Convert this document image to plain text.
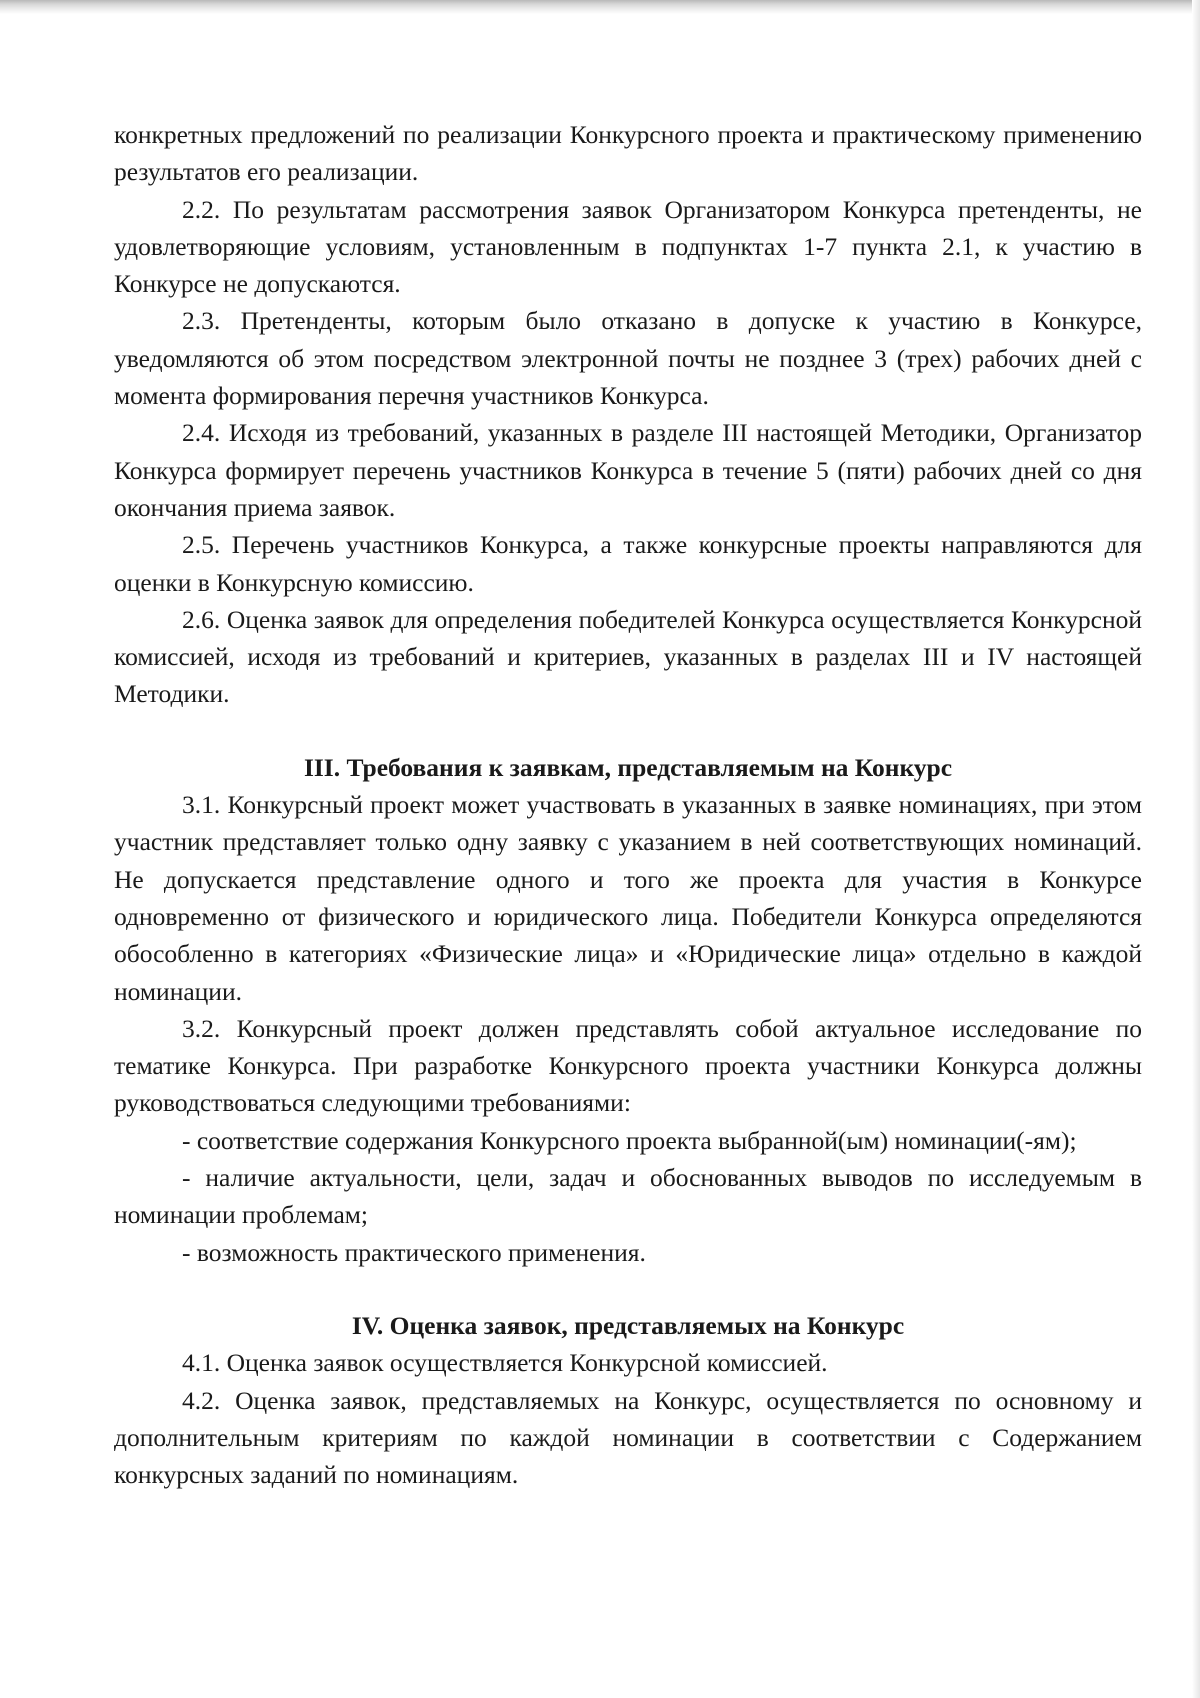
конкретных предложений по реализации Конкурсного проекта и практическому применению результатов его реализации.

2.2. По результатам рассмотрения заявок Организатором Конкурса претенденты, не удовлетворяющие условиям, установленным в подпунктах 1-7 пункта 2.1, к участию в Конкурсе не допускаются.

2.3. Претенденты, которым было отказано в допуске к участию в Конкурсе, уведомляются об этом посредством электронной почты не позднее 3 (трех) рабочих дней с момента формирования перечня участников Конкурса.

2.4. Исходя из требований, указанных в разделе III настоящей Методики, Организатор Конкурса формирует перечень участников Конкурса в течение 5 (пяти) рабочих дней со дня окончания приема заявок.

2.5. Перечень участников Конкурса, а также конкурсные проекты направляются для оценки в Конкурсную комиссию.

2.6. Оценка заявок для определения победителей Конкурса осуществляется Конкурсной комиссией, исходя из требований и критериев, указанных в разделах III и IV настоящей Методики.

III. Требования к заявкам, представляемым на Конкурс

3.1. Конкурсный проект может участвовать в указанных в заявке номинациях, при этом участник представляет только одну заявку с указанием в ней соответствующих номинаций. Не допускается представление одного и того же проекта для участия в Конкурсе одновременно от физического и юридического лица. Победители Конкурса определяются обособленно в категориях «Физические лица» и «Юридические лица» отдельно в каждой номинации.

3.2. Конкурсный проект должен представлять собой актуальное исследование по тематике Конкурса. При разработке Конкурсного проекта участники Конкурса должны руководствоваться следующими требованиями:

- соответствие содержания Конкурсного проекта выбранной(ым) номинации(-ям);

- наличие актуальности, цели, задач и обоснованных выводов по исследуемым в номинации проблемам;

- возможность практического применения.

IV. Оценка заявок, представляемых на Конкурс

4.1. Оценка заявок осуществляется Конкурсной комиссией.

4.2. Оценка заявок, представляемых на Конкурс, осуществляется по основному и дополнительным критериям по каждой номинации в соответствии с Содержанием конкурсных заданий по номинациям.
